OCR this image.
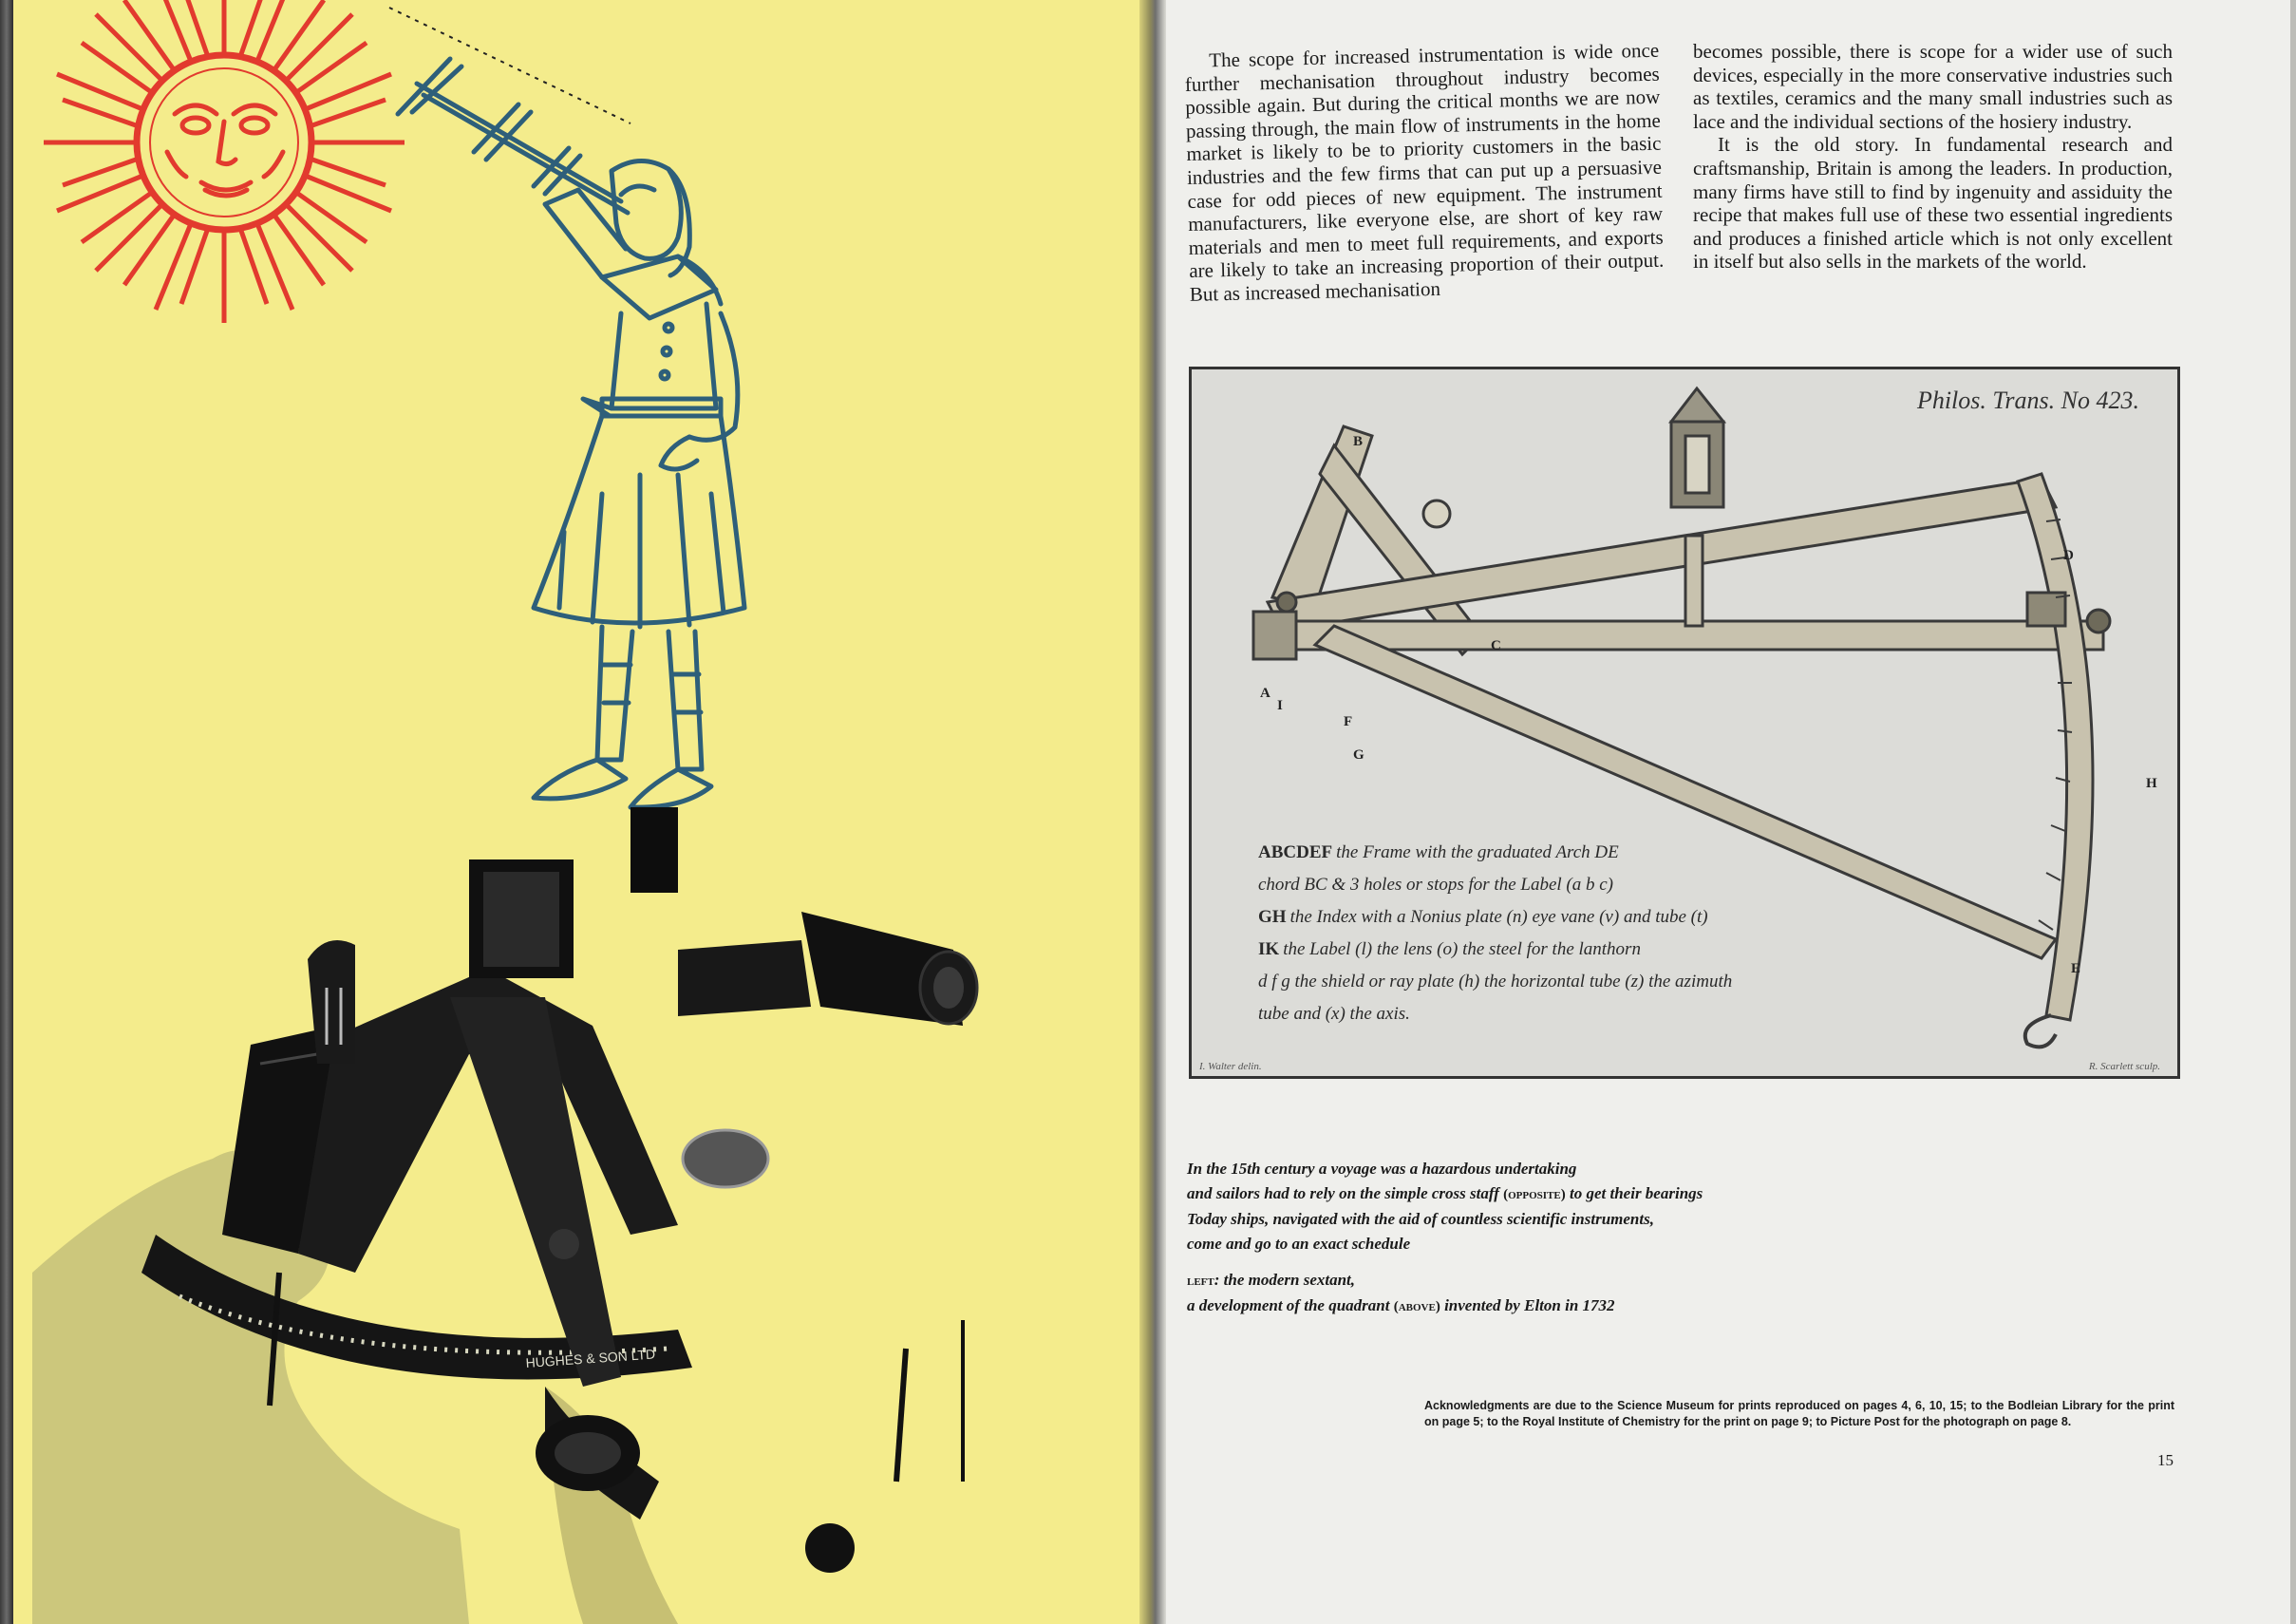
HUGHES & SON LTD

The scope for increased instrumentation is wide once further mechanisation throughout industry becomes possible again. But during the critical months we are now passing through, the main flow of instruments in the home market is likely to be to priority customers in the basic industries and the few firms that can put up a persuasive case for odd pieces of new equipment. The instrument manufacturers, like everyone else, are short of key raw materials and men to meet full requirements, and exports are likely to take an increasing proportion of their output. But as increased mechanisation

becomes possible, there is scope for a wider use of such devices, especially in the more conservative industries such as textiles, ceramics and the many small industries such as lace and the individual sections of the hosiery industry.

It is the old story. In fundamental research and craftsmanship, Britain is among the leaders. In production, many firms have still to find by ingenuity and assiduity the recipe that makes full use of these two essential ingredients and produces a finished article which is not only excellent in itself but also sells in the markets of the world.

Philos. Trans. No 423.
B
C
D
E
F
G
H
A
I
ABCDEF the Frame with the graduated Arch DE
chord BC & 3 holes or stops for the Label (a b c)
GH the Index with a Nonius plate (n) eye vane (v) and tube (t)
IK the Label (l) the lens (o) the steel for the lanthorn
d f g the shield or ray plate (h) the horizontal tube (z) the azimuth
tube and (x) the axis.
I. Walter delin.	R. Scarlett sculp.

In the 15th century a voyage was a hazardous undertaking

and sailors had to rely on the simple cross staff (opposite) to get their bearings

Today ships, navigated with the aid of countless scientific instruments,

come and go to an exact schedule

left: the modern sextant,

a development of the quadrant (above) invented by Elton in 1732

Acknowledgments are due to the Science Museum for prints reproduced on pages 4, 6, 10, 15; to the Bodleian Library for the print on page 5; to the Royal Institute of Chemistry for the print on page 9; to Picture Post for the photograph on page 8.
15
